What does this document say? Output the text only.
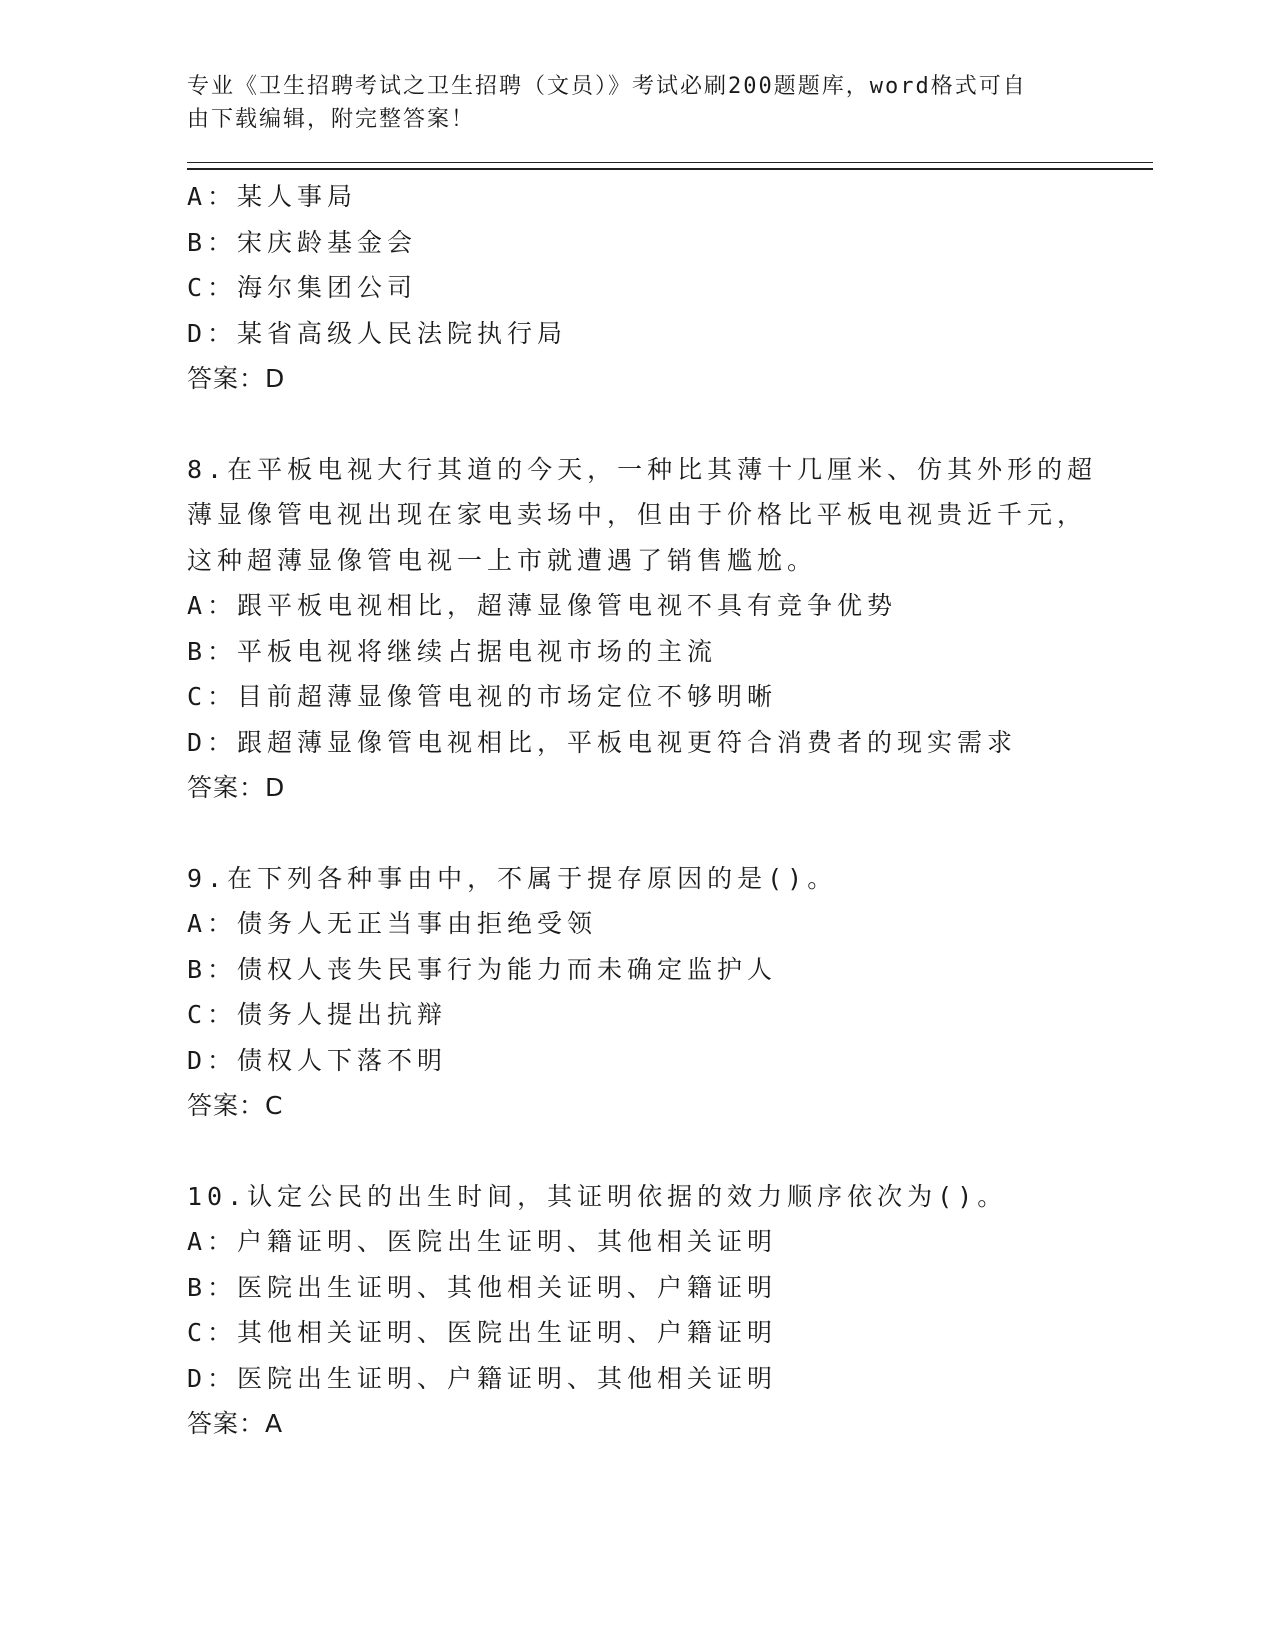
专业《卫生招聘考试之卫生招聘（文员）》考试必刷200题题库，word格式可自
由下载编辑，附完整答案！

A：某人事局

B：宋庆龄基金会

C：海尔集团公司

D：某省高级人民法院执行局

答案：D

8.在平板电视大行其道的今天，一种比其薄十几厘米、仿其外形的超

薄显像管电视出现在家电卖场中，但由于价格比平板电视贵近千元，

这种超薄显像管电视一上市就遭遇了销售尴尬。

A：跟平板电视相比，超薄显像管电视不具有竞争优势

B：平板电视将继续占据电视市场的主流

C：目前超薄显像管电视的市场定位不够明晰

D：跟超薄显像管电视相比，平板电视更符合消费者的现实需求

答案：D

9.在下列各种事由中，不属于提存原因的是()。

A：债务人无正当事由拒绝受领

B：债权人丧失民事行为能力而未确定监护人

C：债务人提出抗辩

D：债权人下落不明

答案：C

10.认定公民的出生时间，其证明依据的效力顺序依次为()。

A：户籍证明、医院出生证明、其他相关证明

B：医院出生证明、其他相关证明、户籍证明

C：其他相关证明、医院出生证明、户籍证明

D：医院出生证明、户籍证明、其他相关证明

答案：A
